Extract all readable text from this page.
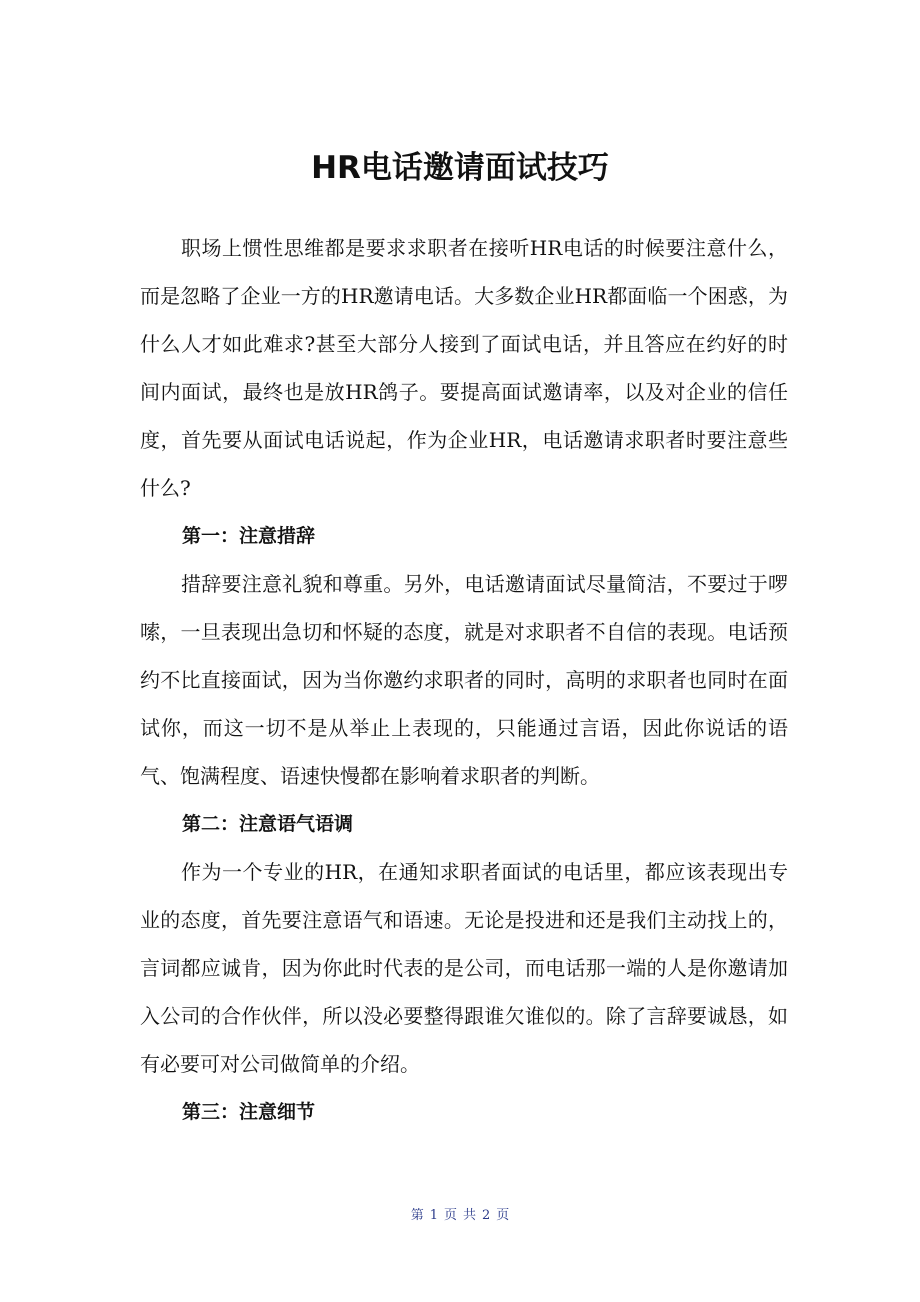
HR电话邀请面试技巧

职场上惯性思维都是要求求职者在接听HR电话的时候要注意什么，而是忽略了企业一方的HR邀请电话。大多数企业HR都面临一个困惑，为什么人才如此难求?甚至大部分人接到了面试电话，并且答应在约好的时间内面试，最终也是放HR鸽子。要提高面试邀请率，以及对企业的信任度，首先要从面试电话说起，作为企业HR，电话邀请求职者时要注意些什么?

第一：注意措辞

措辞要注意礼貌和尊重。另外，电话邀请面试尽量简洁，不要过于啰嗦，一旦表现出急切和怀疑的态度，就是对求职者不自信的表现。电话预约不比直接面试，因为当你邀约求职者的同时，高明的求职者也同时在面试你，而这一切不是从举止上表现的，只能通过言语，因此你说话的语气、饱满程度、语速快慢都在影响着求职者的判断。

第二：注意语气语调

作为一个专业的HR，在通知求职者面试的电话里，都应该表现出专业的态度，首先要注意语气和语速。无论是投进和还是我们主动找上的，言词都应诚肯，因为你此时代表的是公司，而电话那一端的人是你邀请加入公司的合作伙伴，所以没必要整得跟谁欠谁似的。除了言辞要诚恳，如有必要可对公司做简单的介绍。

第三：注意细节
第 1 页 共 2 页
